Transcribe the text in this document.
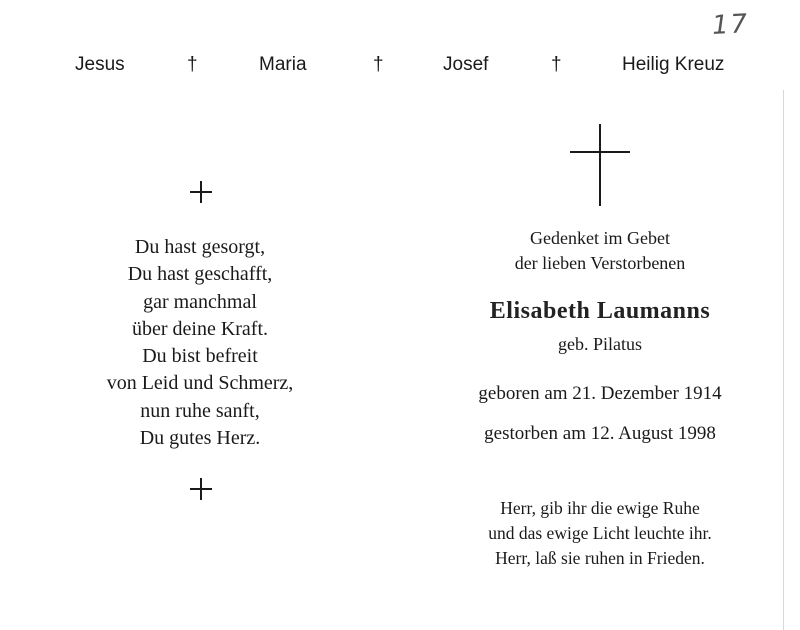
17
Jesus	†	Maria	†	Josef	†	Heilig Kreuz
Du hast gesorgt,
Du hast geschafft,
gar manchmal
über deine Kraft.
Du bist befreit
von Leid und Schmerz,
nun ruhe sanft,
Du gutes Herz.
Gedenket im Gebet
der lieben Verstorbenen
Elisabeth Laumanns
geb. Pilatus
geboren am 21. Dezember 1914
gestorben am 12. August 1998
Herr, gib ihr die ewige Ruhe
und das ewige Licht leuchte ihr.
Herr, laß sie ruhen in Frieden.
